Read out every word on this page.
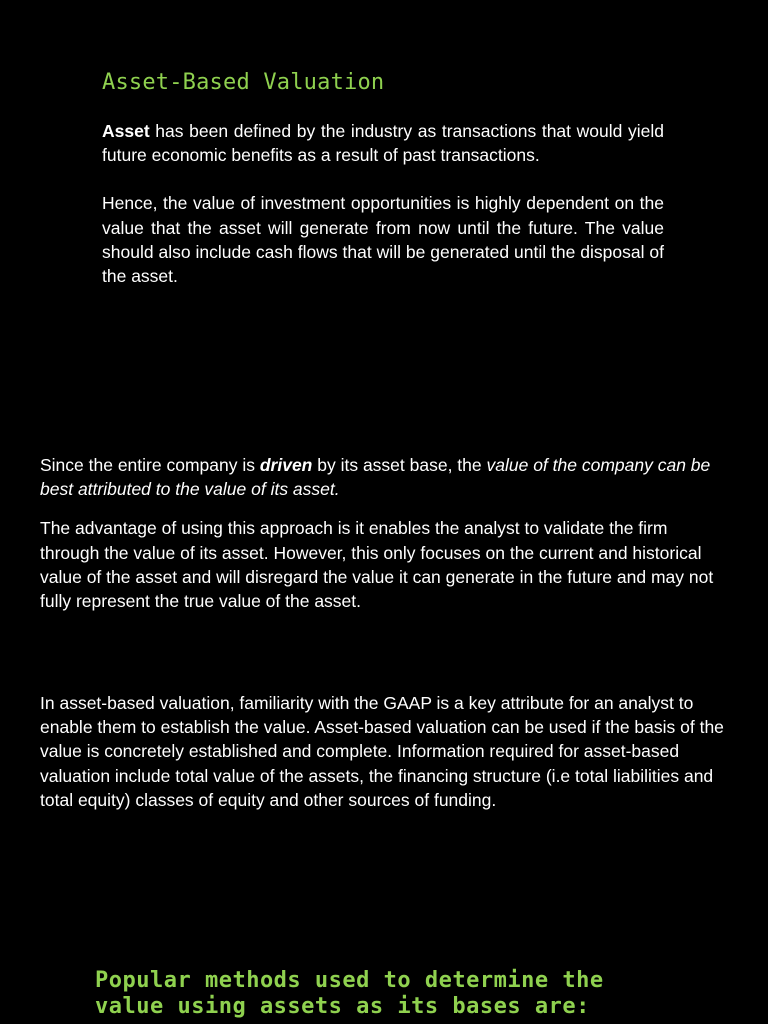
Asset-Based Valuation

Asset has been defined by the industry as transactions that would yield future economic benefits as a result of past transactions.

Hence, the value of investment opportunities is highly dependent on the value that the asset will generate from now until the future. The value should also include cash flows that will be generated until the disposal of the asset.

Since the entire company is driven by its asset base, the value of the company can be best attributed to the value of its asset.

The advantage of using this approach is it enables the analyst to validate the firm through the value of its asset. However, this only focuses on the current and historical value of the asset and will disregard the value it can generate in the future and may not fully represent the true value of the asset.

In asset-based valuation, familiarity with the GAAP is a key attribute for an analyst to enable them to establish the value. Asset-based valuation can be used if the basis of the value is concretely established and complete. Information required for asset-based valuation include total value of the assets, the financing structure (i.e total liabilities and total equity) classes of equity and other sources of funding.

Popular methods used to determine the
value using assets as its bases are:
